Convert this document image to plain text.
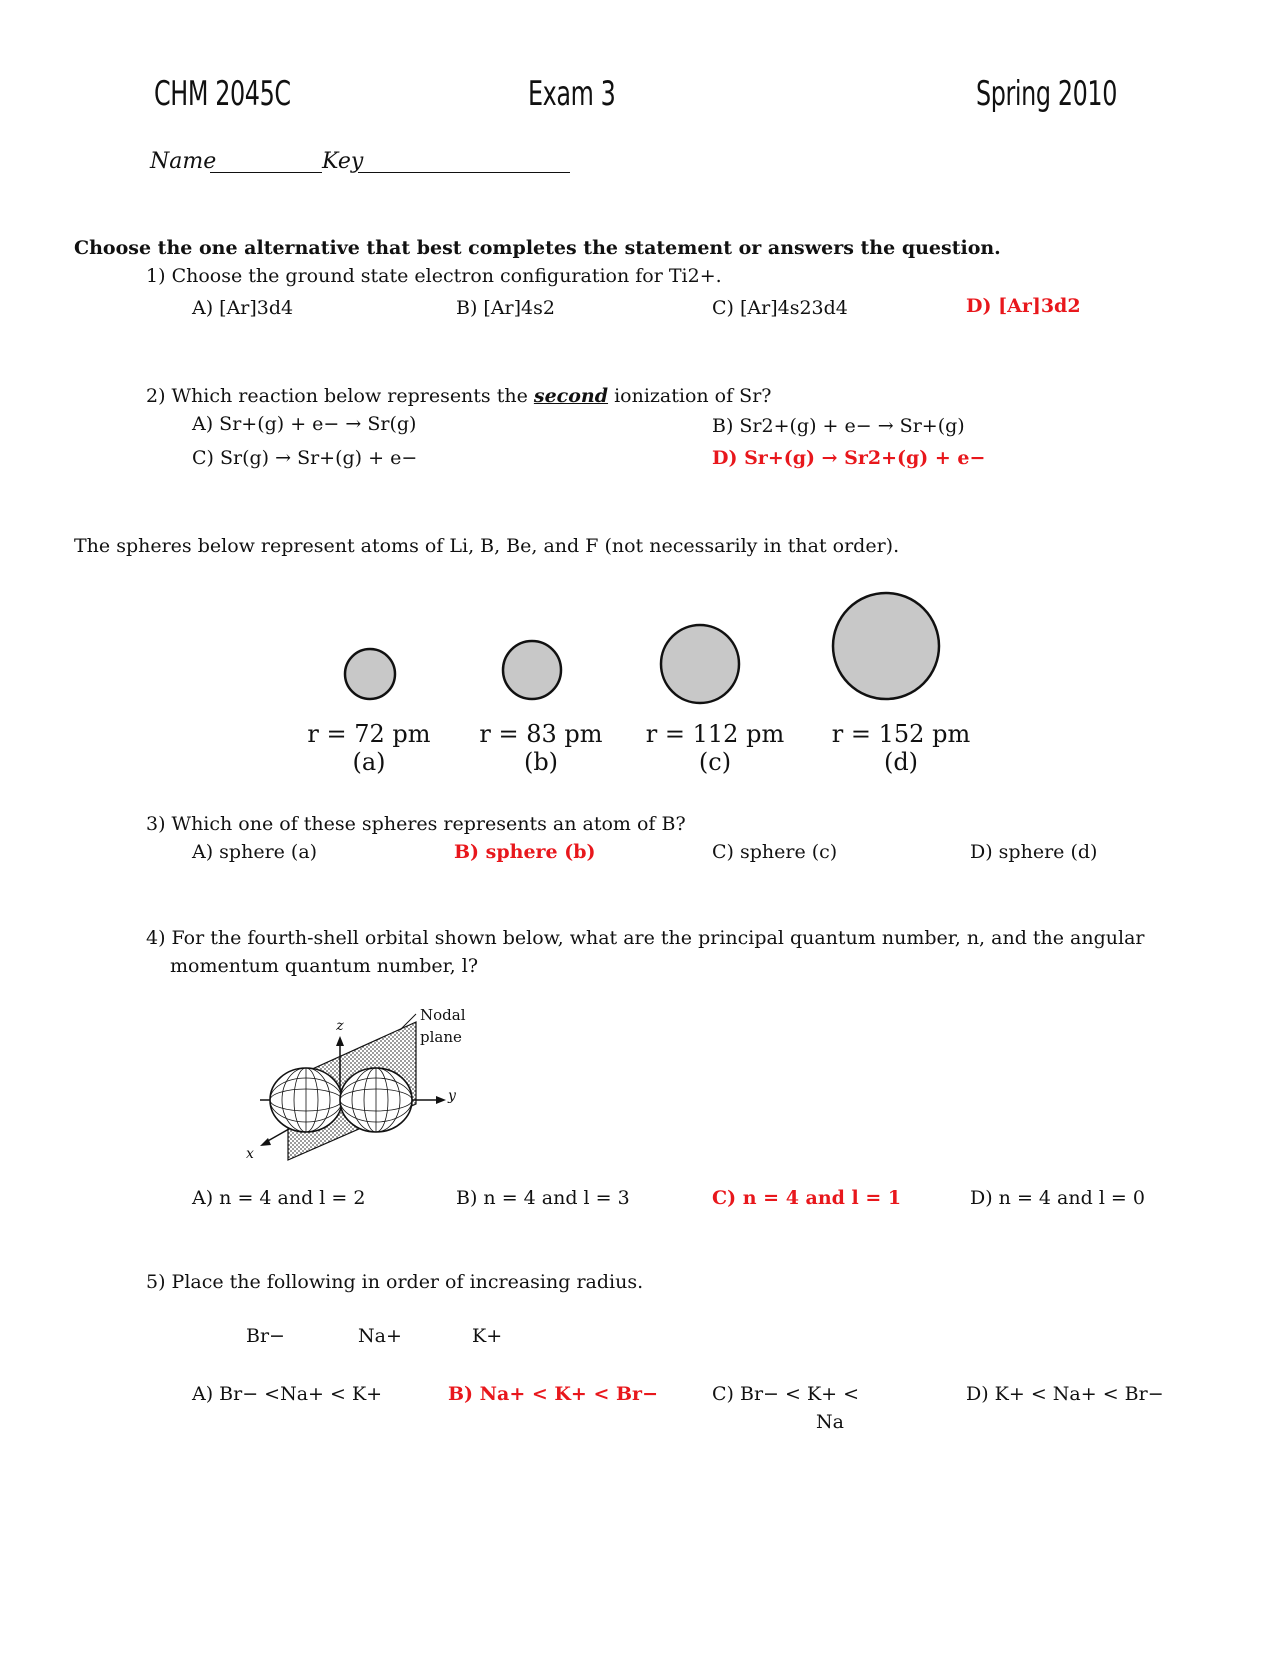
CHM 2045C	Exam 3	Spring 2010
Name	Key
Choose the one alternative that best completes the statement or answers the question.
1) Choose the ground state electron configuration for Ti2+.
A) [Ar]3d4	B) [Ar]4s2	C) [Ar]4s23d4	D) [Ar]3d2
2) Which reaction below represents the second ionization of Sr?
A) Sr+(g) + e− → Sr(g)	B) Sr2+(g) + e− → Sr+(g)
C) Sr(g) → Sr+(g) + e−	D) Sr+(g) → Sr2+(g) + e−
The spheres below represent atoms of Li, B, Be, and F (not necessarily in that order).
r = 72 pm
(a)
r = 83 pm
(b)
r = 112 pm
(c)
r = 152 pm
(d)
3) Which one of these spheres represents an atom of B?
A) sphere (a)	B) sphere (b)	C) sphere (c)	D) sphere (d)
4) For the fourth-shell orbital shown below, what are the principal quantum number, n, and the angular
momentum quantum number, l?
Nodal
plane
z
y
x
A) n = 4 and l = 2	B) n = 4 and l = 3	C) n = 4 and l = 1	D) n = 4 and l = 0
5) Place the following in order of increasing radius.
Br−	Na+	K+
A) Br− <Na+ < K+	B) Na+ < K+ < Br−	C) Br− < K+ <
Na
D) K+ < Na+ < Br−
